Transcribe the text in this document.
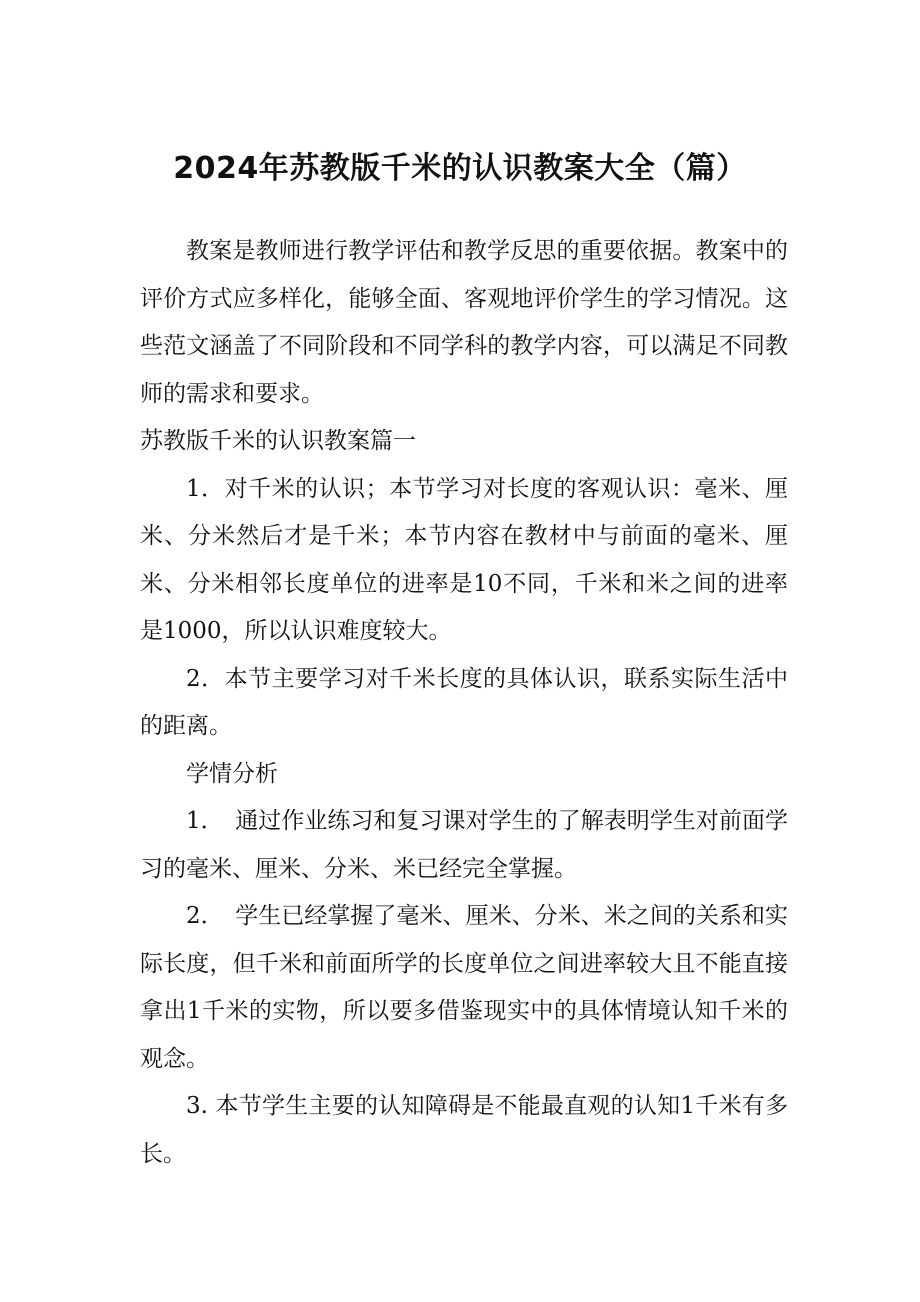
2024年苏教版千米的认识教案大全（篇）

教案是教师进行教学评估和教学反思的重要依据。教案中的评价方式应多样化，能够全面、客观地评价学生的学习情况。这些范文涵盖了不同阶段和不同学科的教学内容，可以满足不同教师的需求和要求。

苏教版千米的认识教案篇一

1．对千米的认识；本节学习对长度的客观认识：毫米、厘米、分米然后才是千米；本节内容在教材中与前面的毫米、厘米、分米相邻长度单位的进率是10不同，千米和米之间的进率是1000，所以认识难度较大。

2．本节主要学习对千米长度的具体认识，联系实际生活中的距离。

学情分析

1．　通过作业练习和复习课对学生的了解表明学生对前面学习的毫米、厘米、分米、米已经完全掌握。

2．　学生已经掌握了毫米、厘米、分米、米之间的关系和实际长度，但千米和前面所学的长度单位之间进率较大且不能直接拿出1千米的实物，所以要多借鉴现实中的具体情境认知千米的观念。

3. 本节学生主要的认知障碍是不能最直观的认知1千米有多长。
